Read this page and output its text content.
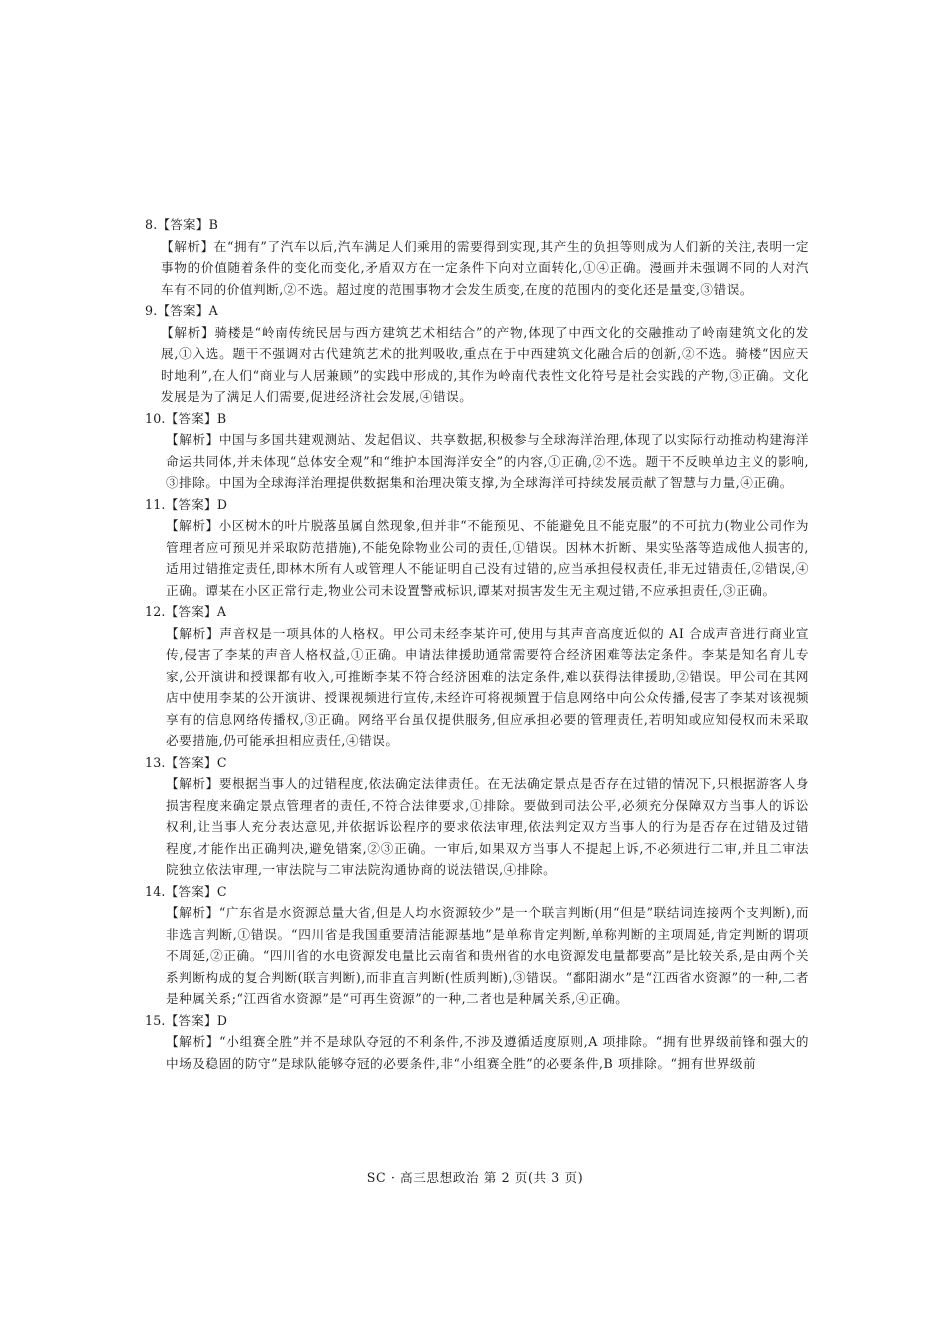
8.【答案】B
【解析】在“拥有”了汽车以后,汽车满足人们乘用的需要得到实现,其产生的负担等则成为人们新的关注,表明一定事物的价值随着条件的变化而变化,矛盾双方在一定条件下向对立面转化,①④正确。漫画并未强调不同的人对汽车有不同的价值判断,②不选。超过度的范围事物才会发生质变,在度的范围内的变化还是量变,③错误。
9.【答案】A
【解析】骑楼是“岭南传统民居与西方建筑艺术相结合”的产物,体现了中西文化的交融推动了岭南建筑文化的发展,①入选。题干不强调对古代建筑艺术的批判吸收,重点在于中西建筑文化融合后的创新,②不选。骑楼“因应天时地利”,在人们“商业与人居兼顾”的实践中形成的,其作为岭南代表性文化符号是社会实践的产物,③正确。文化发展是为了满足人们需要,促进经济社会发展,④错误。
10.【答案】B
【解析】中国与多国共建观测站、发起倡议、共享数据,积极参与全球海洋治理,体现了以实际行动推动构建海洋命运共同体,并未体现“总体安全观”和“维护本国海洋安全”的内容,①正确,②不选。题干不反映单边主义的影响,③排除。中国为全球海洋治理提供数据集和治理决策支撑,为全球海洋可持续发展贡献了智慧与力量,④正确。
11.【答案】D
【解析】小区树木的叶片脱落虽属自然现象,但并非“不能预见、不能避免且不能克服”的不可抗力(物业公司作为管理者应可预见并采取防范措施),不能免除物业公司的责任,①错误。因林木折断、果实坠落等造成他人损害的,适用过错推定责任,即林木所有人或管理人不能证明自己没有过错的,应当承担侵权责任,非无过错责任,②错误,④正确。谭某在小区正常行走,物业公司未设置警戒标识,谭某对损害发生无主观过错,不应承担责任,③正确。
12.【答案】A
【解析】声音权是一项具体的人格权。甲公司未经李某许可,使用与其声音高度近似的 AI 合成声音进行商业宣传,侵害了李某的声音人格权益,①正确。申请法律援助通常需要符合经济困难等法定条件。李某是知名育儿专家,公开演讲和授课都有收入,可推断李某不符合经济困难的法定条件,难以获得法律援助,②错误。甲公司在其网店中使用李某的公开演讲、授课视频进行宣传,未经许可将视频置于信息网络中向公众传播,侵害了李某对该视频享有的信息网络传播权,③正确。网络平台虽仅提供服务,但应承担必要的管理责任,若明知或应知侵权而未采取必要措施,仍可能承担相应责任,④错误。
13.【答案】C
【解析】要根据当事人的过错程度,依法确定法律责任。在无法确定景点是否存在过错的情况下,只根据游客人身损害程度来确定景点管理者的责任,不符合法律要求,①排除。要做到司法公平,必须充分保障双方当事人的诉讼权利,让当事人充分表达意见,并依据诉讼程序的要求依法审理,依法判定双方当事人的行为是否存在过错及过错程度,才能作出正确判决,避免错案,②③正确。一审后,如果双方当事人不提起上诉,不必须进行二审,并且二审法院独立依法审理,一审法院与二审法院沟通协商的说法错误,④排除。
14.【答案】C
【解析】“广东省是水资源总量大省,但是人均水资源较少”是一个联言判断(用“但是”联结词连接两个支判断),而非选言判断,①错误。“四川省是我国重要清洁能源基地”是单称肯定判断,单称判断的主项周延,肯定判断的谓项不周延,②正确。“四川省的水电资源发电量比云南省和贵州省的水电资源发电量都要高”是比较关系,是由两个关系判断构成的复合判断(联言判断),而非直言判断(性质判断),③错误。“鄱阳湖水”是“江西省水资源”的一种,二者是种属关系;“江西省水资源”是“可再生资源”的一种,二者也是种属关系,④正确。
15.【答案】D
【解析】“小组赛全胜”并不是球队夺冠的不利条件,不涉及遵循适度原则,A 项排除。“拥有世界级前锋和强大的中场及稳固的防守”是球队能够夺冠的必要条件,非“小组赛全胜”的必要条件,B 项排除。“拥有世界级前
SC · 高三思想政治 第 2 页(共 3 页)
